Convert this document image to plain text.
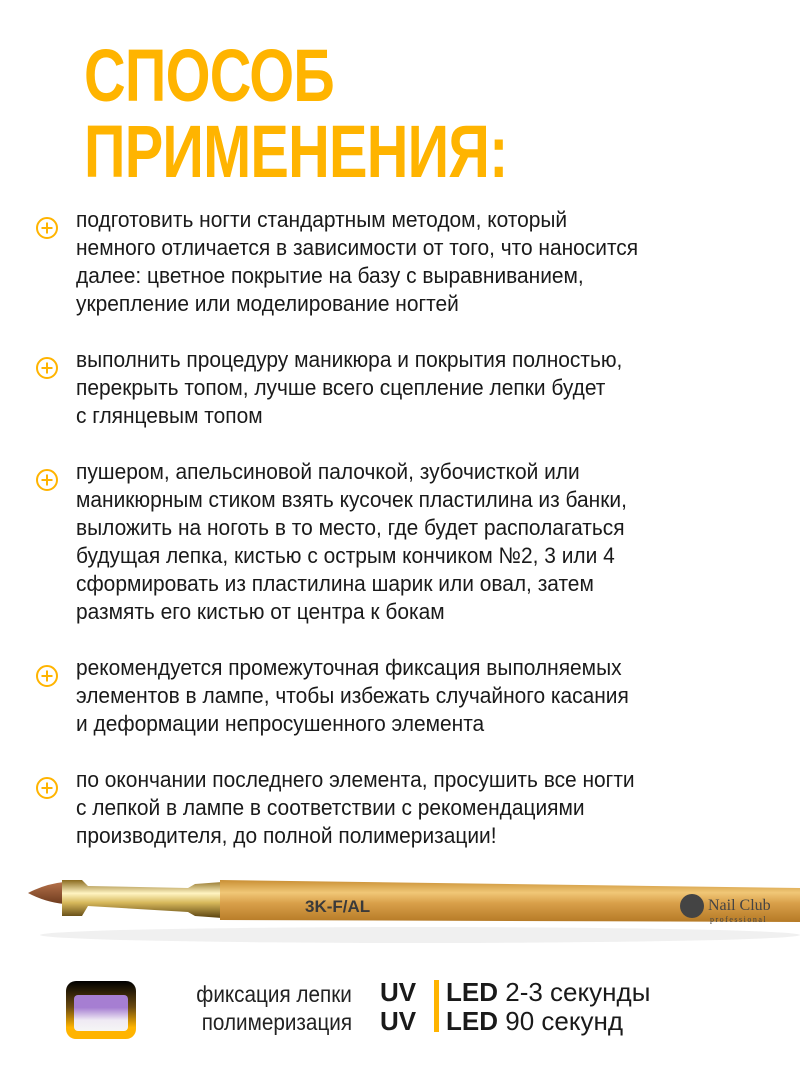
СПОСОБ
ПРИМЕНЕНИЯ:
подготовить ногти стандартным методом, который
немного отличается в зависимости от того, что наносится
далее: цветное покрытие на базу с выравниванием,
укрепление или моделирование ногтей
выполнить процедуру маникюра и покрытия полностью,
перекрыть топом, лучше всего сцепление лепки будет
с глянцевым топом
пушером, апельсиновой палочкой, зубочисткой или
маникюрным стиком взять кусочек пластилина из банки,
выложить на ноготь в то место, где будет располагаться
будущая лепка, кистью с острым кончиком №2, 3 или 4
сформировать из пластилина шарик или овал, затем
размять его кистью от центра к бокам
рекомендуется промежуточная фиксация выполняемых
элементов в лампе, чтобы избежать случайного касания
и деформации непросушенного элемента
по окончании последнего элемента, просушить все ногти
с лепкой в лампе в соответствии с рекомендациями
производителя, до полной полимеризации!
3K-F/AL	Nail Club
professional
фиксация лепки
полимеризация
UV
UV
LED 2-3 секунды
LED 90 секунд
